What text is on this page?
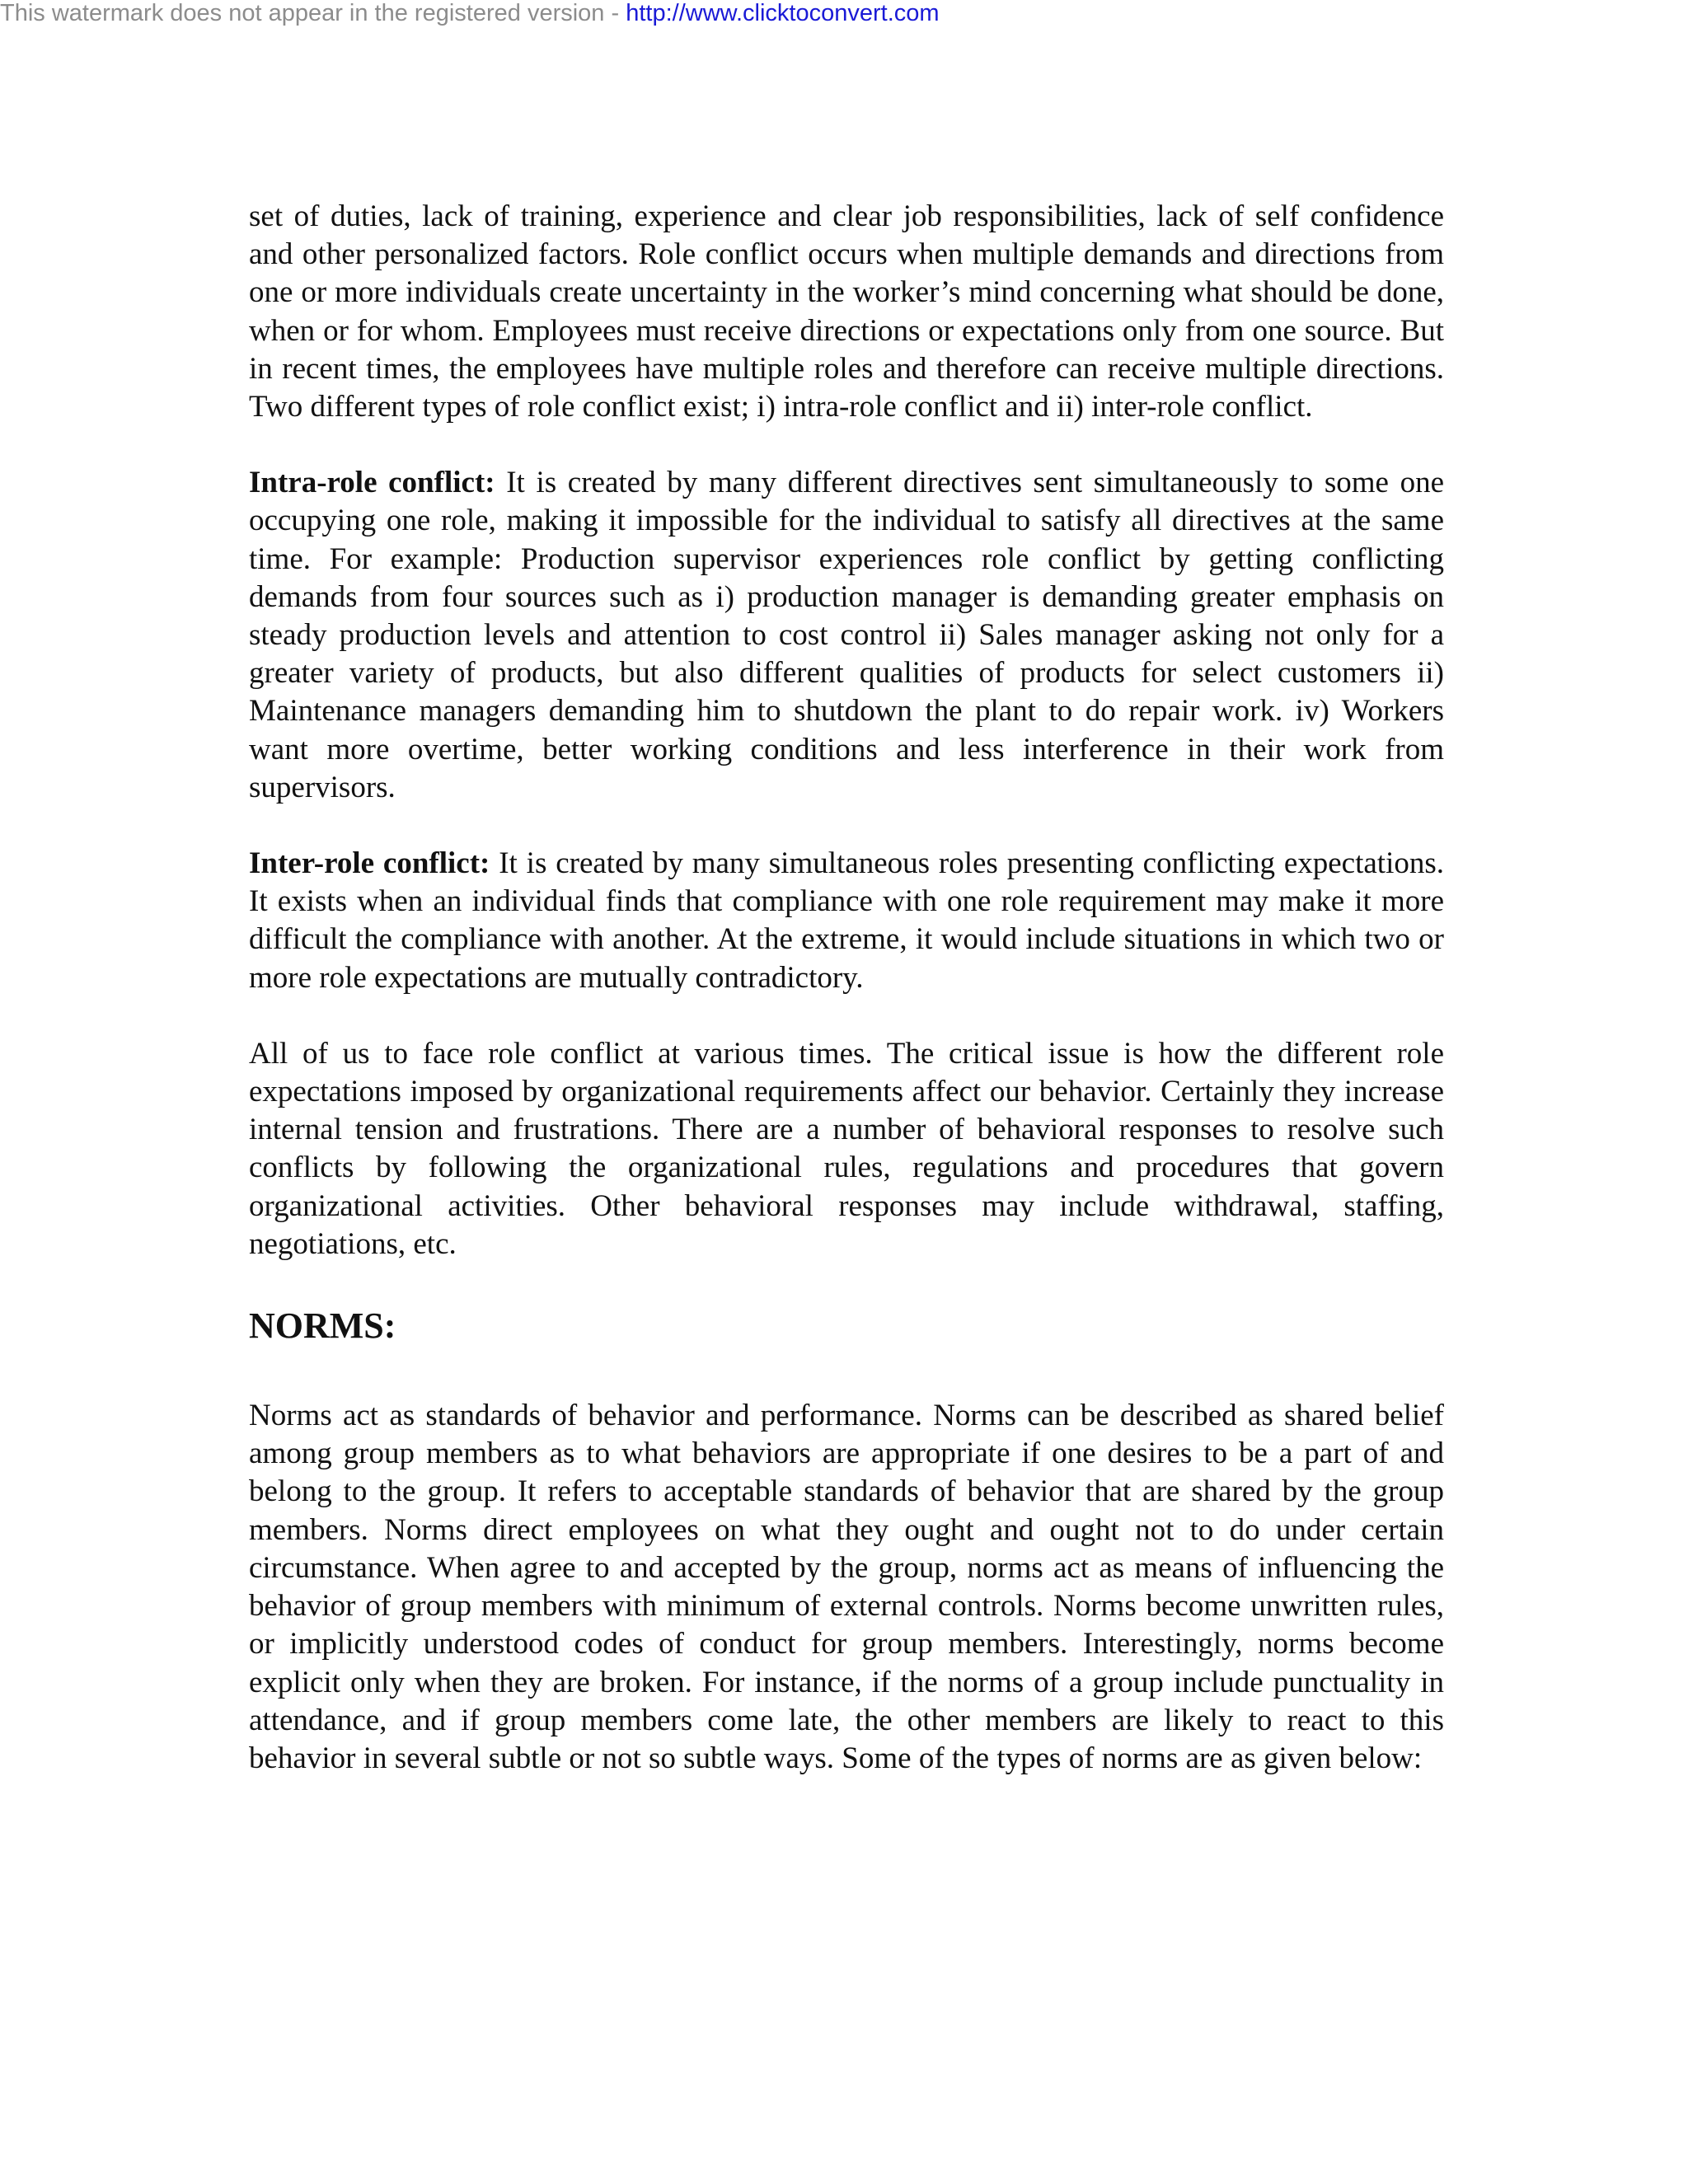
This watermark does not appear in the registered version - http://www.clicktoconvert.com

set of duties, lack of training, experience and clear job responsibilities, lack of self confidence and other personalized factors. Role conflict occurs when multiple demands and directions from one or more individuals create uncertainty in the worker’s mind concerning what should be done, when or for whom. Employees must receive directions or expectations only from one source. But in recent times, the employees have multiple roles and therefore can receive multiple directions. Two different types of role conflict exist; i) intra-role conflict and ii) inter-role conflict.

Intra-role conflict: It is created by many different directives sent simultaneously to some one occupying one role, making it impossible for the individual to satisfy all directives at the same time. For example: Production supervisor experiences role conflict by getting conflicting demands from four sources such as i) production manager is demanding greater emphasis on steady production levels and attention to cost control ii) Sales manager asking not only for a greater variety of products, but also different qualities of products for select customers ii) Maintenance managers demanding him to shutdown the plant to do repair work. iv) Workers want more overtime, better working conditions and less interference in their work from supervisors.

Inter-role conflict: It is created by many simultaneous roles presenting conflicting expectations. It exists when an individual finds that compliance with one role requirement may make it more difficult the compliance with another. At the extreme, it would include situations in which two or more role expectations are mutually contradictory.

All of us to face role conflict at various times. The critical issue is how the different role expectations imposed by organizational requirements affect our behavior. Certainly they increase internal tension and frustrations. There are a number of behavioral responses to resolve such conflicts by following the organizational rules, regulations and procedures that govern organizational activities. Other behavioral responses may include withdrawal, staffing, negotiations, etc.

NORMS:

Norms act as standards of behavior and performance. Norms can be described as shared belief among group members as to what behaviors are appropriate if one desires to be a part of and belong to the group. It refers to acceptable standards of behavior that are shared by the group members. Norms direct employees on what they ought and ought not to do under certain circumstance. When agree to and accepted by the group, norms act as means of influencing the behavior of group members with minimum of external controls. Norms become unwritten rules, or implicitly understood codes of conduct for group members. Interestingly, norms become explicit only when they are broken. For instance, if the norms of a group include punctuality in attendance, and if group members come late, the other members are likely to react to this behavior in several subtle or not so subtle ways. Some of the types of norms are as given below:
